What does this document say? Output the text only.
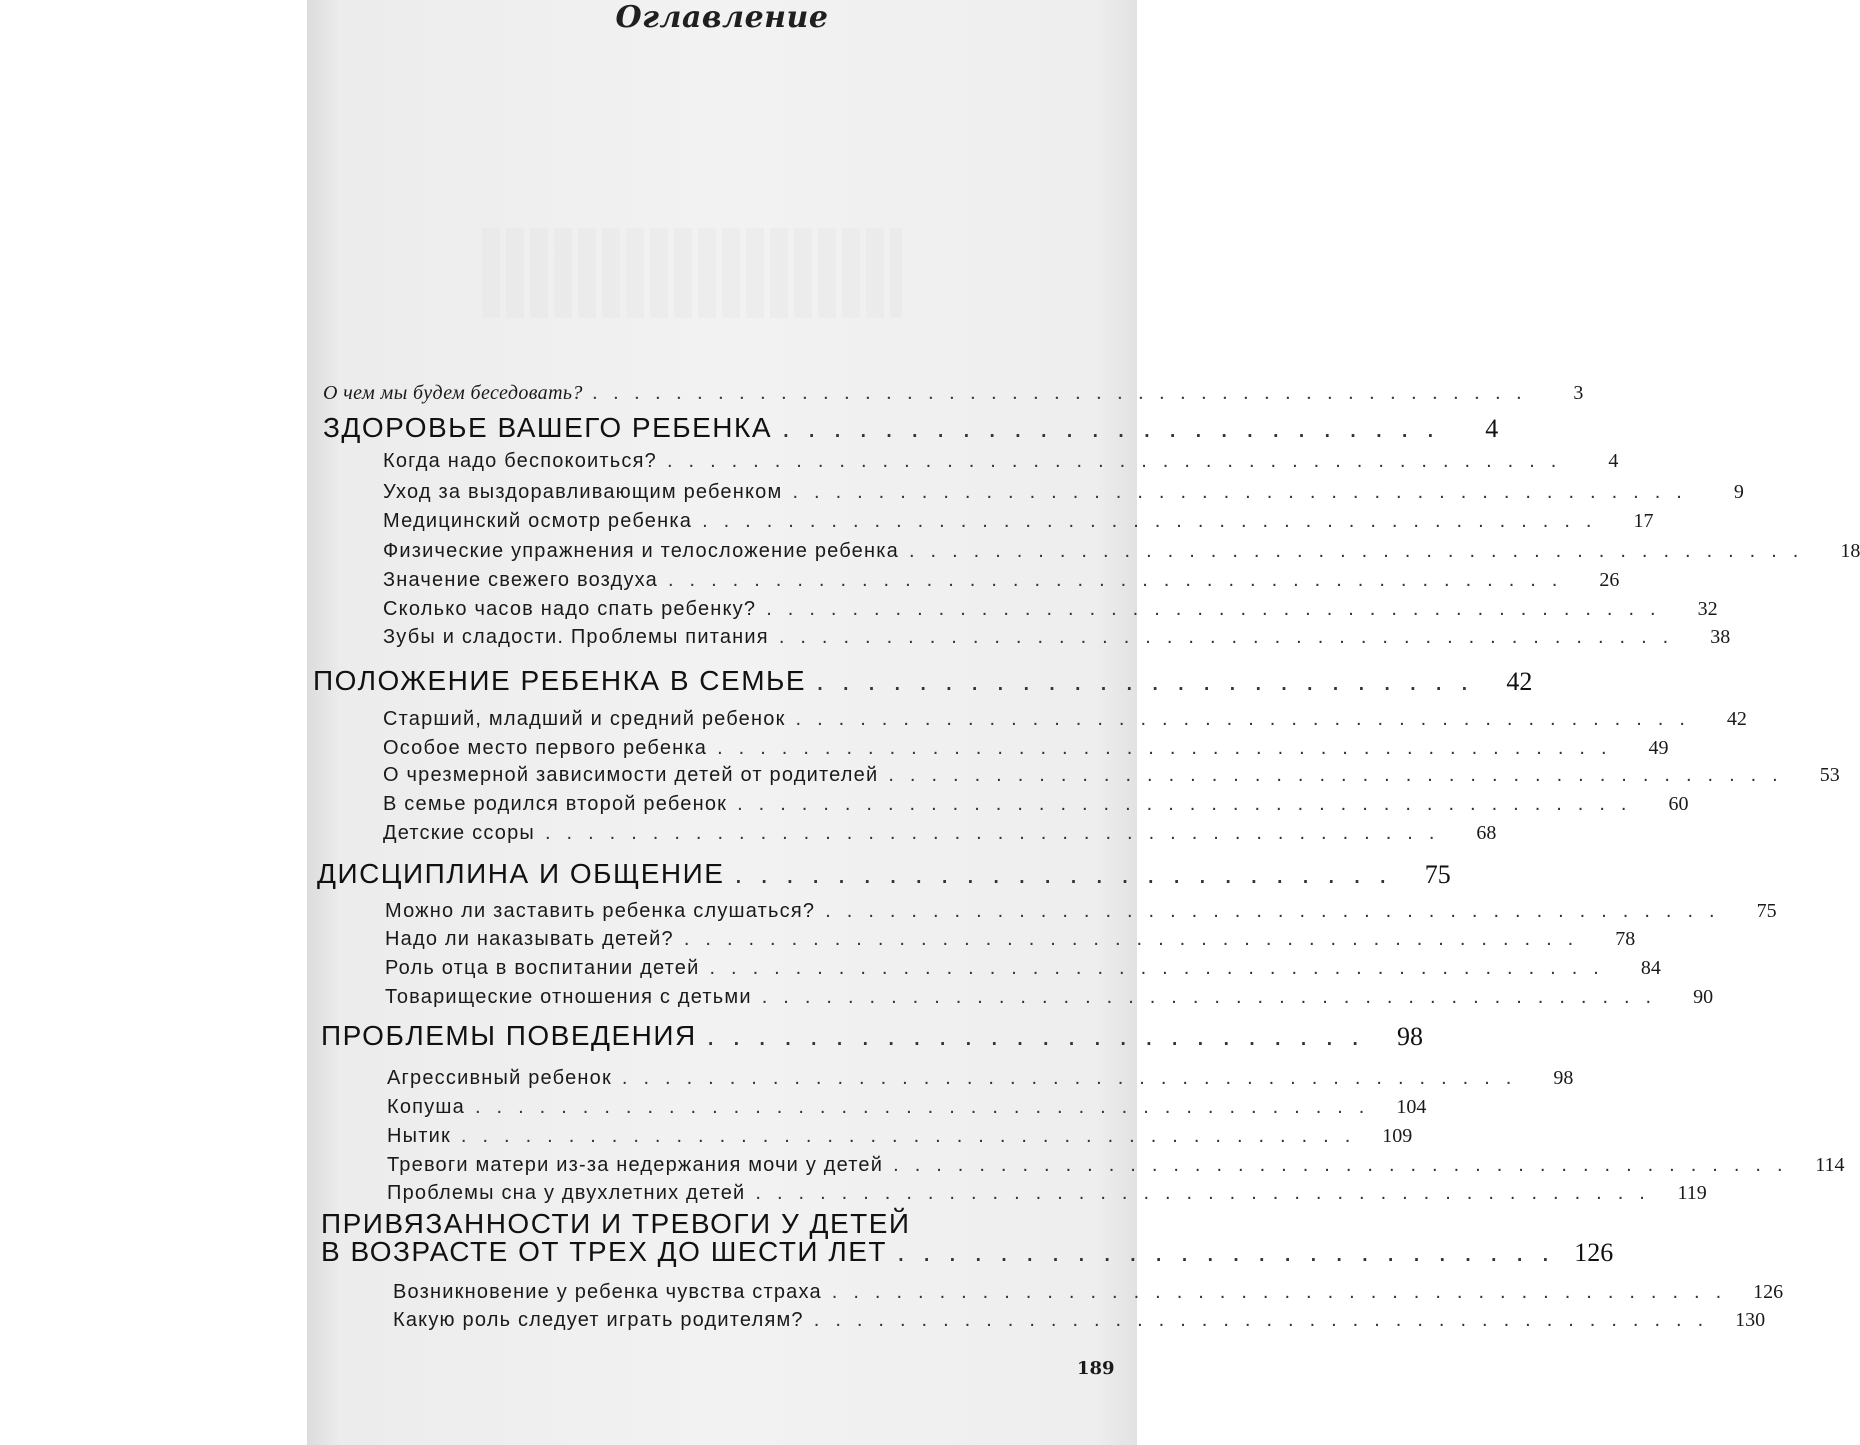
Оглавление
О чем мы будем беседовать? .............................................	3
ЗДОРОВЬЕ ВАШЕГО РЕБЕНКА ..........................	4
Когда надо беспокоиться? ..........................................	4
Уход за выздоравливающим ребенком ..........................................	9
Медицинский осмотр ребенка ..........................................	17
Физические упражнения и телосложение ребенка ..........................................	18
Значение свежего воздуха ..........................................	26
Сколько часов надо спать ребенку? ..........................................	32
Зубы и сладости. Проблемы питания ..........................................	38
ПОЛОЖЕНИЕ РЕБЕНКА В СЕМЬЕ .......................... 42
Старший, младший и средний ребенок ..........................................	42
Особое место первого ребенка ..........................................	49
О чрезмерной зависимости детей от родителей ..........................................	53
В семье родился второй ребенок ..........................................	60
Детские ссоры ..........................................	68
ДИСЦИПЛИНА И ОБЩЕНИЕ .......................... 75
Можно ли заставить ребенка слушаться? ..........................................	75
Надо ли наказывать детей? ..........................................	78
Роль отца в воспитании детей ..........................................	84
Товарищеские отношения с детьми ..........................................	90
ПРОБЛЕМЫ ПОВЕДЕНИЯ .......................... 98
Агрессивный ребенок ..........................................	98
Копуша .......................................... 104
Нытик .......................................... 109
Тревоги матери из-за недержания мочи у детей .......................................... 114
Проблемы сна у двухлетних детей .......................................... 119
ПРИВЯЗАННОСТИ И ТРЕВОГИ У ДЕТЕЙ
В ВОЗРАСТЕ ОТ ТРЕХ ДО ШЕСТИ ЛЕТ .......................... 126
Возникновение у ребенка чувства страха .......................................... 126
Какую роль следует играть родителям? .......................................... 130
189
